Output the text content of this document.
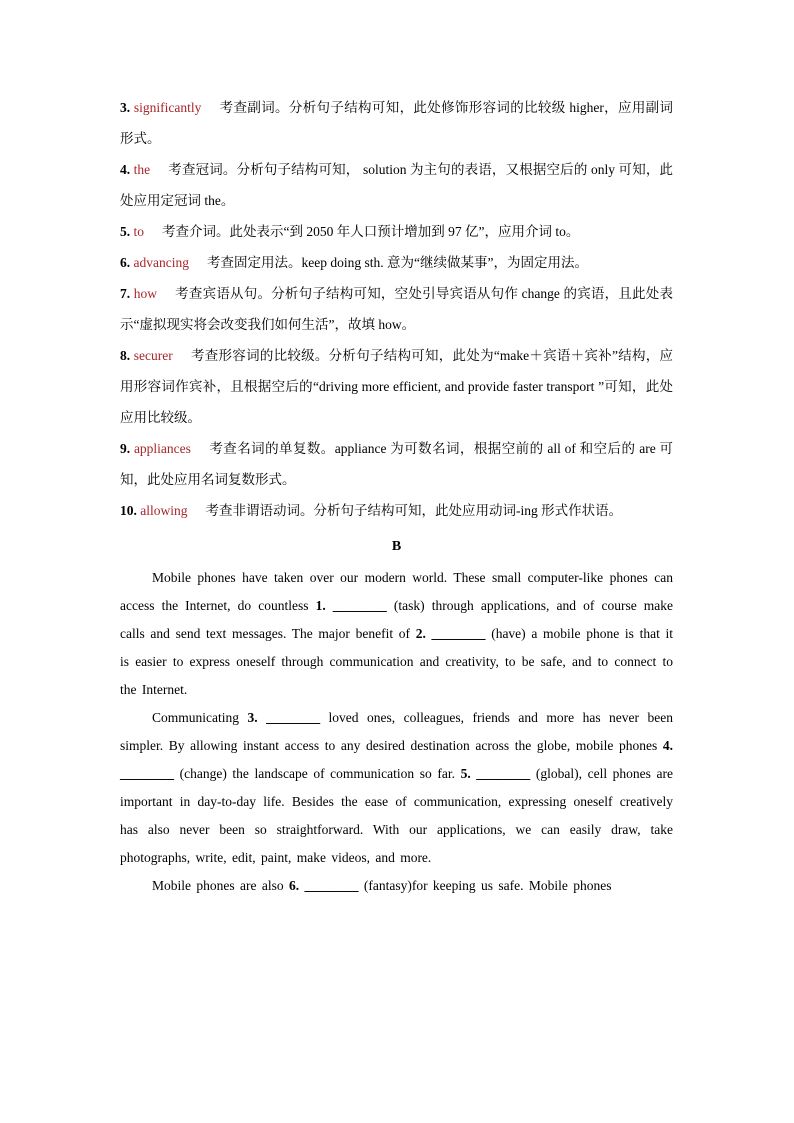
3. significantly 考查副词。分析句子结构可知，此处修饰形容词的比较级 higher，应用副词形式。

4. the 考查冠词。分析句子结构可知， solution 为主句的表语，又根据空后的 only 可知，此处应用定冠词 the。

5. to 考查介词。此处表示“到 2050 年人口预计增加到 97 亿”，应用介词 to。

6. advancing 考查固定用法。keep doing sth. 意为“继续做某事”，为固定用法。

7. how 考查宾语从句。分析句子结构可知，空处引导宾语从句作 change 的宾语，且此处表示“虚拟现实将会改变我们如何生活”，故填 how。

8. securer 考查形容词的比较级。分析句子结构可知，此处为“make＋宾语＋宾补”结构，应用形容词作宾补，且根据空后的“driving more efficient, and provide faster transport ”可知，此处应用比较级。

9. appliances 考查名词的单复数。appliance 为可数名词，根据空前的 all of 和空后的 are 可知，此处应用名词复数形式。

10. allowing 考查非谓语动词。分析句子结构可知，此处应用动词-ing 形式作状语。

B

Mobile phones have taken over our modern world. These small computer-like phones can access the Internet, do countless 1. ________ (task) through applications, and of course make calls and send text messages. The major benefit of 2. ________ (have) a mobile phone is that it is easier to express oneself through communication and creativity, to be safe, and to connect to the Internet.

Communicating 3. ________ loved ones, colleagues, friends and more has never been simpler. By allowing instant access to any desired destination across the globe, mobile phones 4. ________ (change) the landscape of communication so far. 5. ________ (global), cell phones are important in day-to-day life. Besides the ease of communication, expressing oneself creatively has also never been so straightforward. With our applications, we can easily draw, take photographs, write, edit, paint, make videos, and more.

Mobile phones are also 6. ________ (fantasy)for keeping us safe. Mobile phones
